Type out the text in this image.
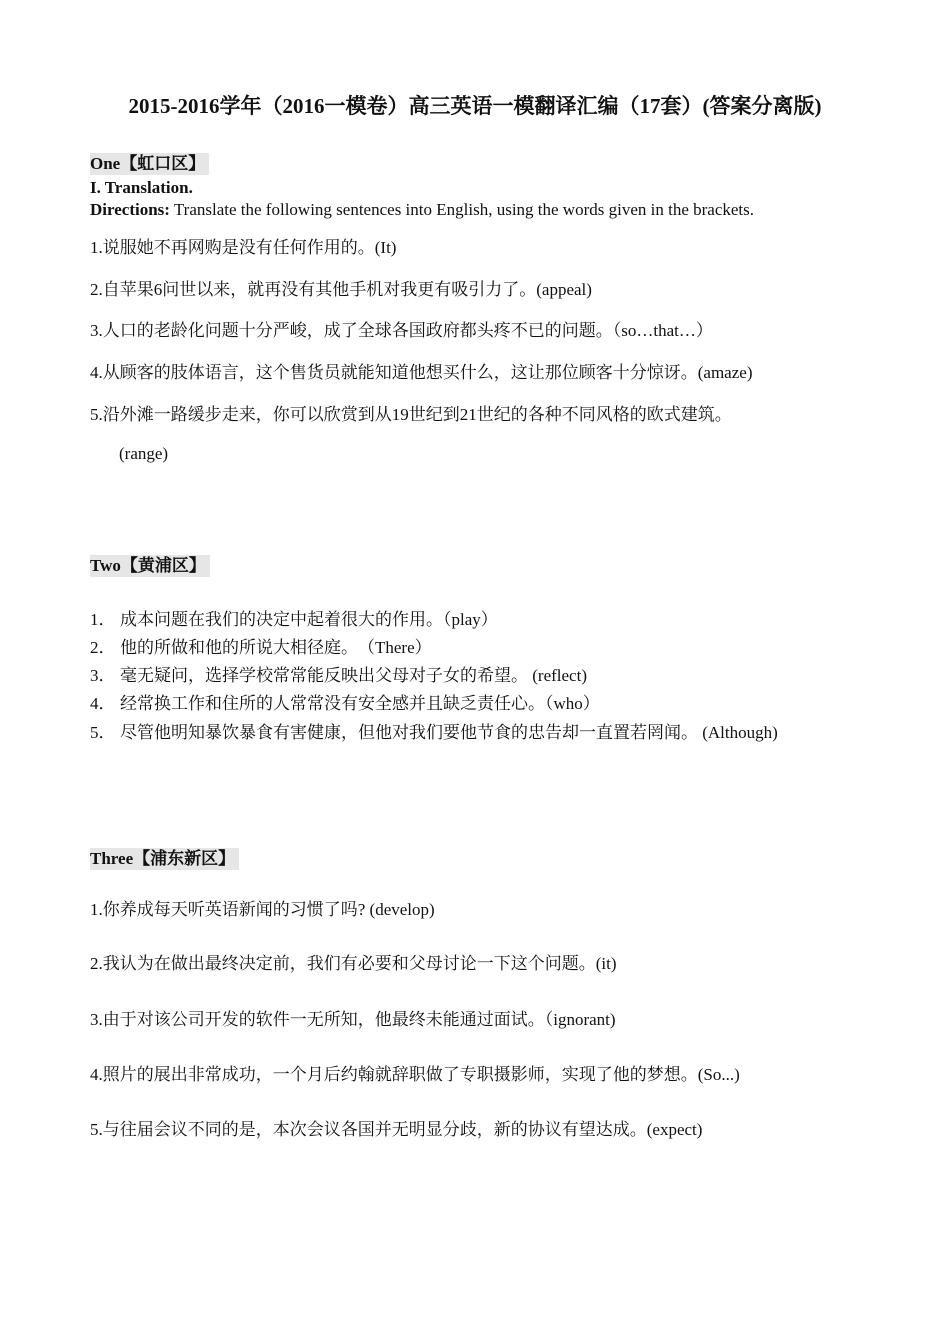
2015-2016学年（2016一模卷）高三英语一模翻译汇编（17套）(答案分离版)
One【虹口区】
I. Translation.
Directions: Translate the following sentences into English, using the words given in the brackets.
1.说服她不再网购是没有任何作用的。(It)
2.自苹果6问世以来，就再没有其他手机对我更有吸引力了。(appeal)
3.人口的老龄化问题十分严峻，成了全球各国政府都头疼不已的问题。（so…that…）
4.从顾客的肢体语言，这个售货员就能知道他想买什么，这让那位顾客十分惊讶。(amaze)
5.沿外滩一路缓步走来，你可以欣赏到从19世纪到21世纪的各种不同风格的欧式建筑。
(range)
Two【黄浦区】
1． 成本问题在我们的决定中起着很大的作用。（play）
2． 他的所做和他的所说大相径庭。　（There）
3． 毫无疑问，选择学校常常能反映出父母对子女的希望。 (reflect)
4． 经常换工作和住所的人常常没有安全感并且缺乏责任心。（who）
5． 尽管他明知暴饮暴食有害健康，但他对我们要他节食的忠告却一直置若罔闻。 (Although)
Three【浦东新区】
1.你养成每天听英语新闻的习惯了吗? (develop)
2.我认为在做出最终决定前，我们有必要和父母讨论一下这个问题。(it)
3.由于对该公司开发的软件一无所知，他最终未能通过面试。（ignorant)
4.照片的展出非常成功，一个月后约翰就辞职做了专职摄影师，实现了他的梦想。(So...)
5.与往届会议不同的是，本次会议各国并无明显分歧，新的协议有望达成。(expect)
